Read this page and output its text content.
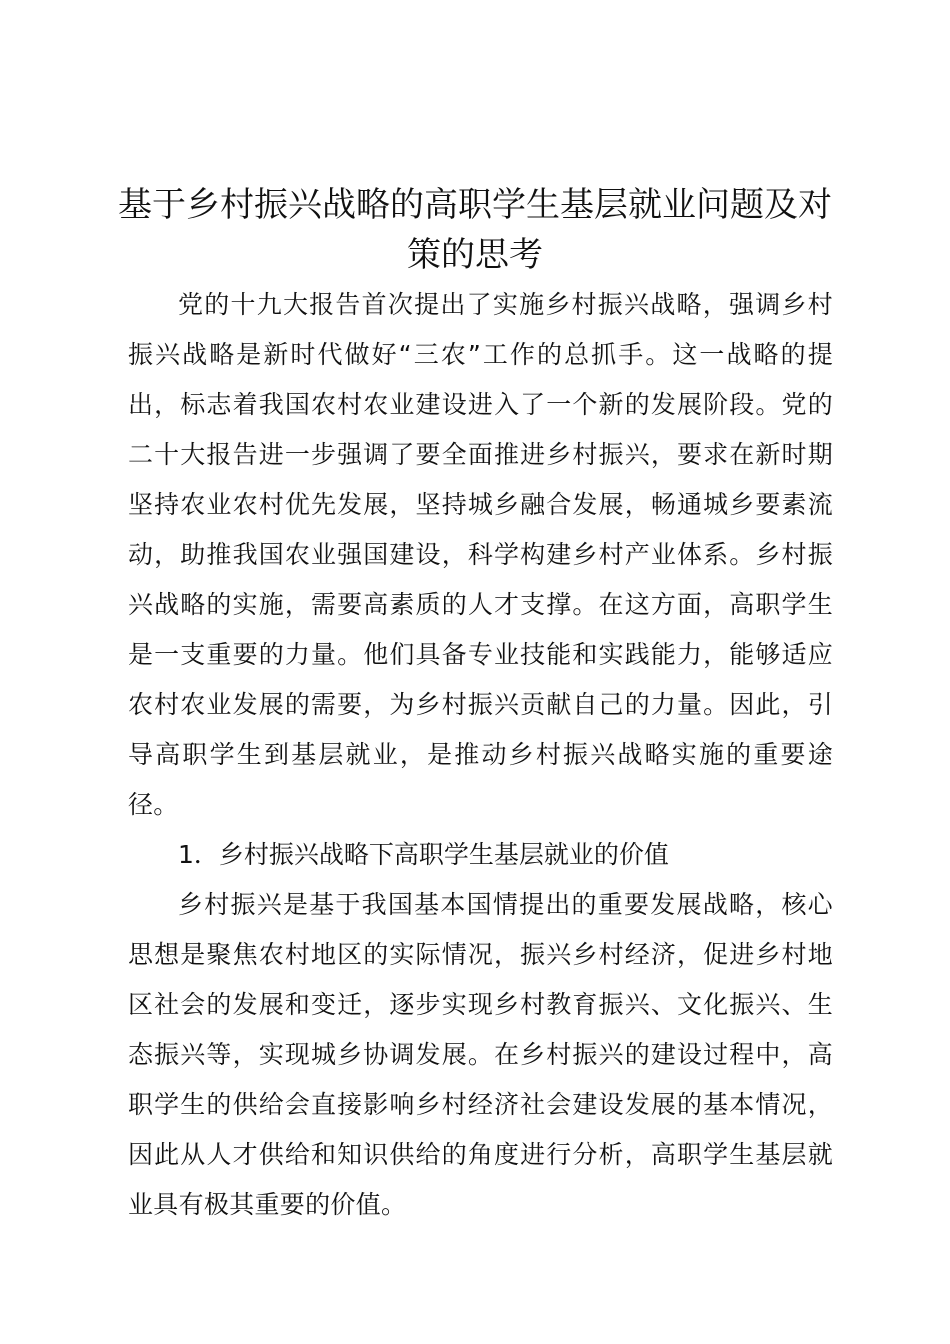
基于乡村振兴战略的高职学生基层就业问题及对策的思考

党的十九大报告首次提出了实施乡村振兴战略，强调乡村振兴战略是新时代做好“三农”工作的总抓手。这一战略的提出，标志着我国农村农业建设进入了一个新的发展阶段。党的二十大报告进一步强调了要全面推进乡村振兴，要求在新时期坚持农业农村优先发展，坚持城乡融合发展，畅通城乡要素流动，助推我国农业强国建设，科学构建乡村产业体系。乡村振兴战略的实施，需要高素质的人才支撑。在这方面，高职学生是一支重要的力量。他们具备专业技能和实践能力，能够适应农村农业发展的需要，为乡村振兴贡献自己的力量。因此，引导高职学生到基层就业，是推动乡村振兴战略实施的重要途径。

1．乡村振兴战略下高职学生基层就业的价值

乡村振兴是基于我国基本国情提出的重要发展战略，核心思想是聚焦农村地区的实际情况，振兴乡村经济，促进乡村地区社会的发展和变迁，逐步实现乡村教育振兴、文化振兴、生态振兴等，实现城乡协调发展。在乡村振兴的建设过程中，高职学生的供给会直接影响乡村经济社会建设发展的基本情况，因此从人才供给和知识供给的角度进行分析，高职学生基层就业具有极其重要的价值。
